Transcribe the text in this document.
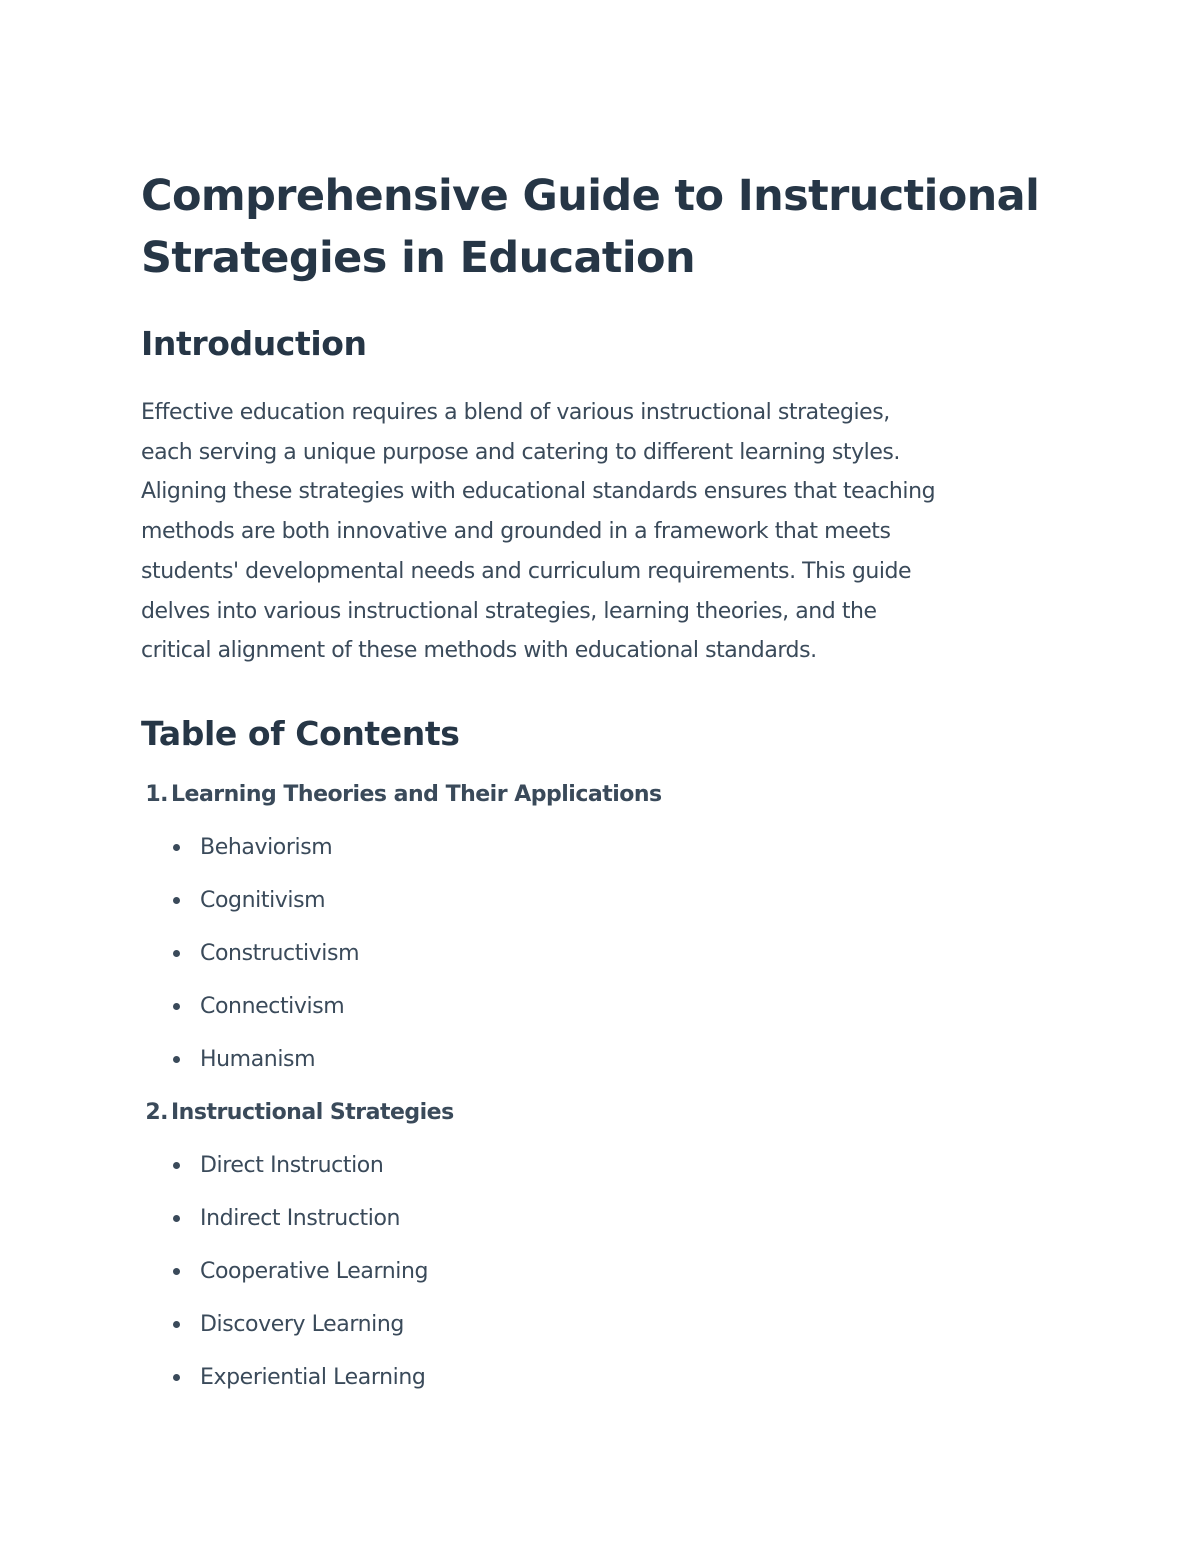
Comprehensive Guide to Instructional
Strategies in Education
Introduction

Effective education requires a blend of various instructional strategies,
each serving a unique purpose and catering to different learning styles.
Aligning these strategies with educational standards ensures that teaching
methods are both innovative and grounded in a framework that meets
students' developmental needs and curriculum requirements. This guide
delves into various instructional strategies, learning theories, and the
critical alignment of these methods with educational standards.

Table of Contents
1. Learning Theories and Their Applications
Behaviorism
Cognitivism
Constructivism
Connectivism
Humanism
2. Instructional Strategies
Direct Instruction
Indirect Instruction
Cooperative Learning
Discovery Learning
Experiential Learning
